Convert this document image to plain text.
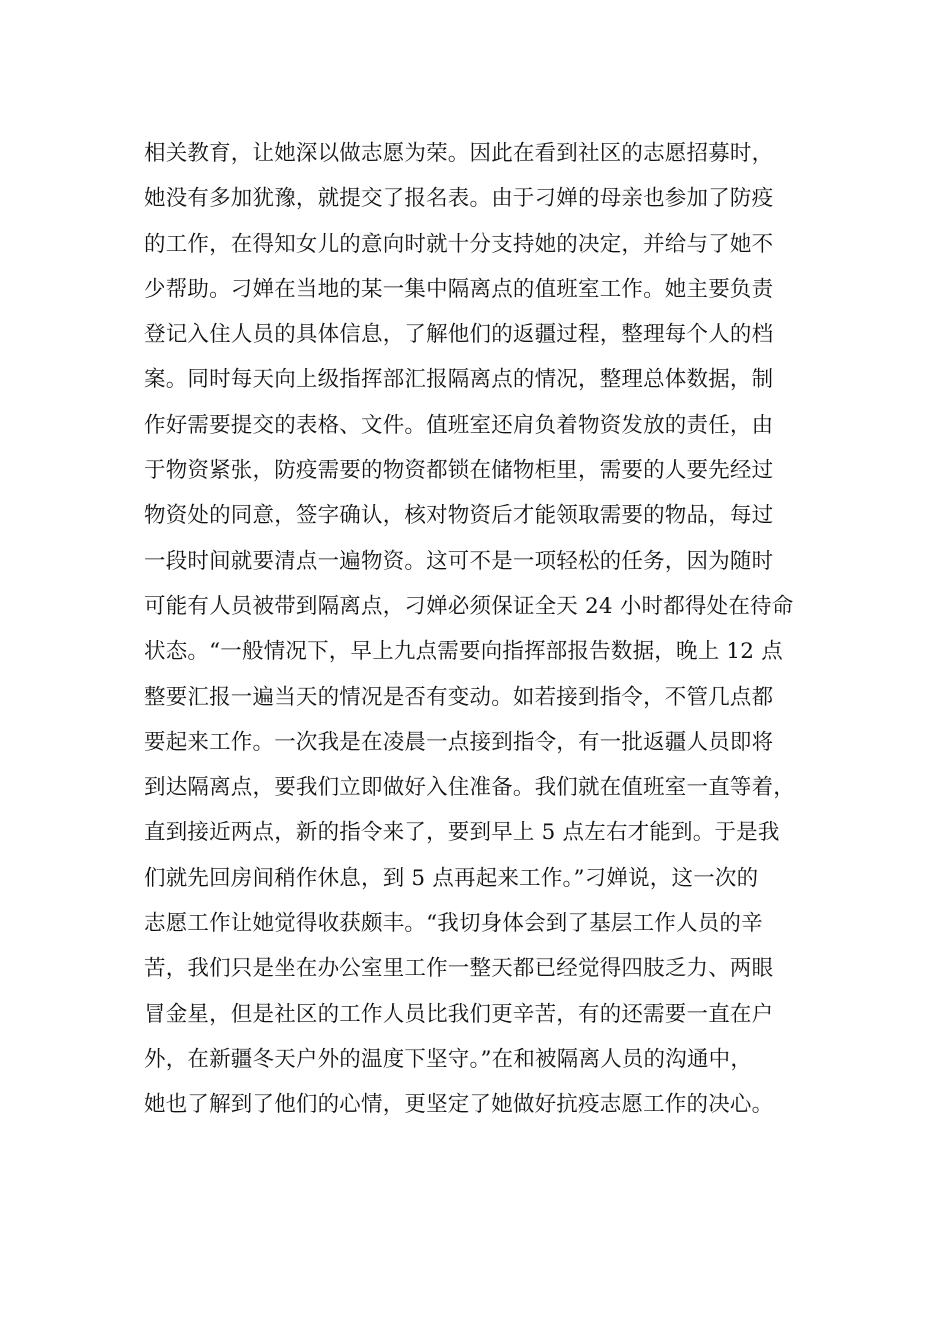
相关教育，让她深以做志愿为荣。因此在看到社区的志愿招募时，
她没有多加犹豫，就提交了报名表。由于刁婵的母亲也参加了防疫
的工作，在得知女儿的意向时就十分支持她的决定，并给与了她不
少帮助。刁婵在当地的某一集中隔离点的值班室工作。她主要负责
登记入住人员的具体信息，了解他们的返疆过程，整理每个人的档
案。同时每天向上级指挥部汇报隔离点的情况，整理总体数据，制
作好需要提交的表格、文件。值班室还肩负着物资发放的责任，由
于物资紧张，防疫需要的物资都锁在储物柜里，需要的人要先经过
物资处的同意，签字确认，核对物资后才能领取需要的物品，每过
一段时间就要清点一遍物资。这可不是一项轻松的任务，因为随时
可能有人员被带到隔离点，刁婵必须保证全天 24 小时都得处在待命
状态。“一般情况下，早上九点需要向指挥部报告数据，晚上 12 点
整要汇报一遍当天的情况是否有变动。如若接到指令，不管几点都
要起来工作。一次我是在凌晨一点接到指令，有一批返疆人员即将
到达隔离点，要我们立即做好入住准备。我们就在值班室一直等着，
直到接近两点，新的指令来了，要到早上 5 点左右才能到。于是我
们就先回房间稍作休息，到 5 点再起来工作。”刁婵说，这一次的
志愿工作让她觉得收获颇丰。“我切身体会到了基层工作人员的辛
苦，我们只是坐在办公室里工作一整天都已经觉得四肢乏力、两眼
冒金星，但是社区的工作人员比我们更辛苦，有的还需要一直在户
外，在新疆冬天户外的温度下坚守。”在和被隔离人员的沟通中，
她也了解到了他们的心情，更坚定了她做好抗疫志愿工作的决心。
